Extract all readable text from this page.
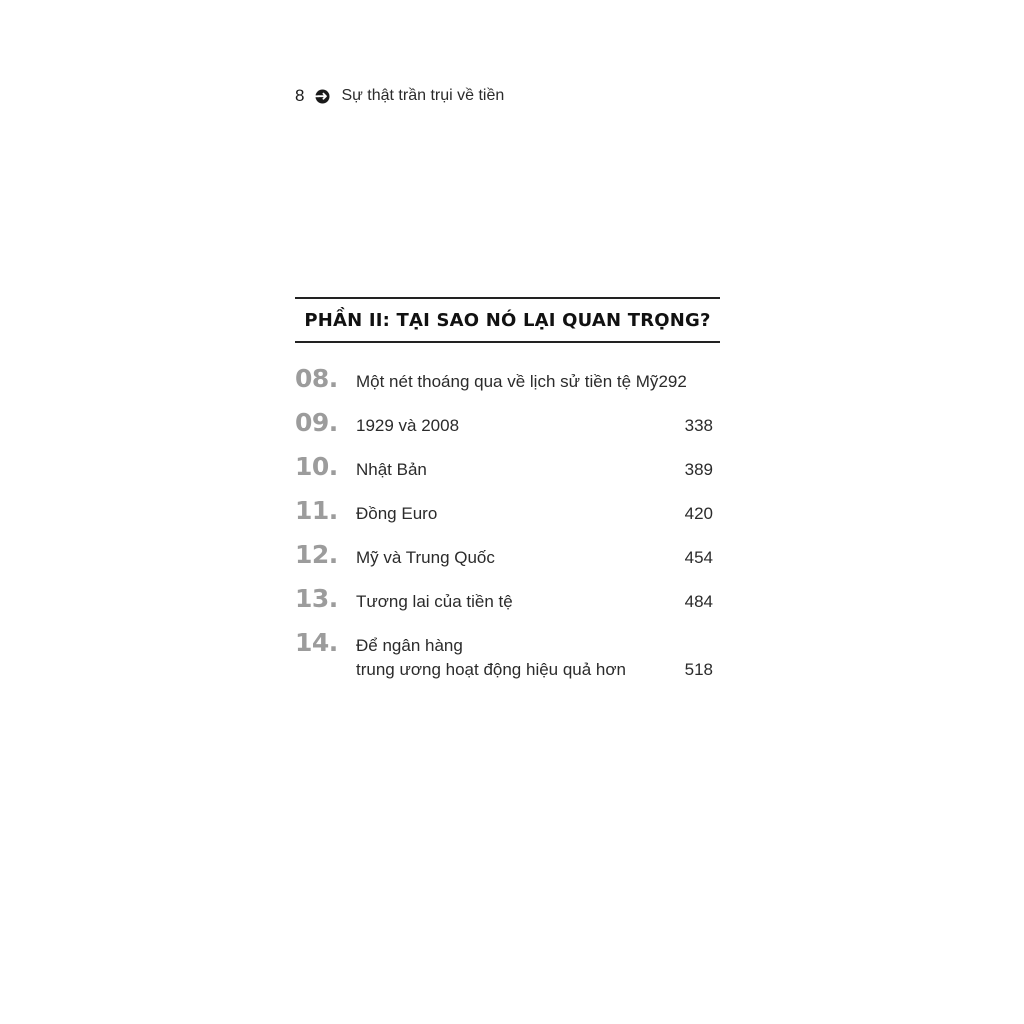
8 Sự thật trần trụi về tiền
PHẦN II: TẠI SAO NÓ LẠI QUAN TRỌNG?
08. Một nét thoáng qua về lịch sử tiền tệ Mỹ292
09. 1929 và 2008	338
10. Nhật Bản	389
11. Đồng Euro	420
12. Mỹ và Trung Quốc	454
13. Tương lai của tiền tệ	484
14. Để ngân hàng
trung ương hoạt động hiệu quả hơn	518
